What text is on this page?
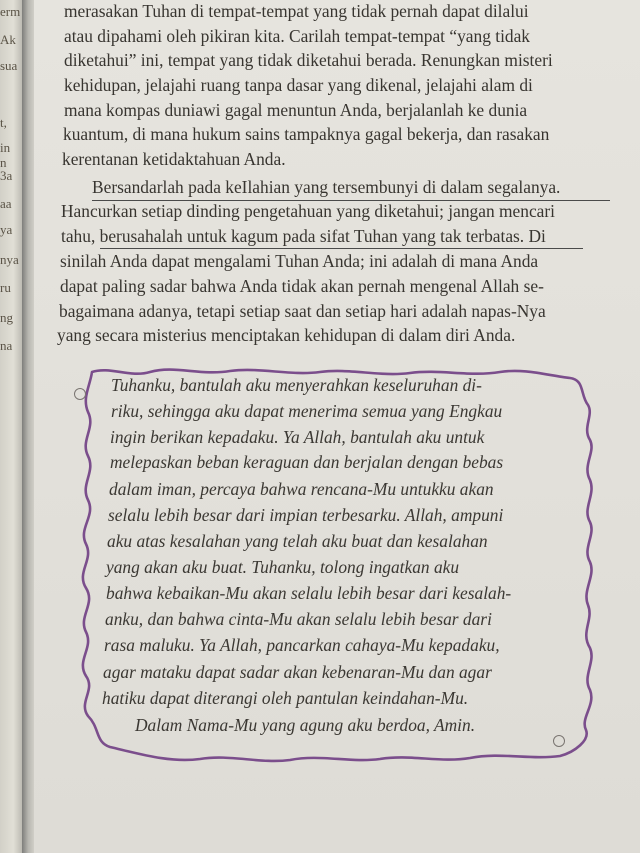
erm
Ak
sua
t,
in
n
3a
aa
ya
nya
ru
ng
na
merasakan Tuhan di tempat-tempat yang tidak pernah dapat dilalui
atau dipahami oleh pikiran kita. Carilah tempat-tempat “yang tidak
diketahui” ini, tempat yang tidak diketahui berada. Renungkan misteri
kehidupan, jelajahi ruang tanpa dasar yang dikenal, jelajahi alam di
mana kompas duniawi gagal menuntun Anda, berjalanlah ke dunia
kuantum, di mana hukum sains tampaknya gagal bekerja, dan rasakan
kerentanan ketidaktahuan Anda.
Bersandarlah pada keIlahian yang tersembunyi di dalam segalanya.
Hancurkan setiap dinding pengetahuan yang diketahui; jangan mencari
tahu, berusahalah untuk kagum pada sifat Tuhan yang tak terbatas. Di
sinilah Anda dapat mengalami Tuhan Anda; ini adalah di mana Anda
dapat paling sadar bahwa Anda tidak akan pernah mengenal Allah se-
bagaimana adanya, tetapi setiap saat dan setiap hari adalah napas-Nya
yang secara misterius menciptakan kehidupan di dalam diri Anda.
Tuhanku, bantulah aku menyerahkan keseluruhan di-
riku, sehingga aku dapat menerima semua yang Engkau
ingin berikan kepadaku. Ya Allah, bantulah aku untuk
melepaskan beban keraguan dan berjalan dengan bebas
dalam iman, percaya bahwa rencana-Mu untukku akan
selalu lebih besar dari impian terbesarku. Allah, ampuni
aku atas kesalahan yang telah aku buat dan kesalahan
yang akan aku buat. Tuhanku, tolong ingatkan aku
bahwa kebaikan-Mu akan selalu lebih besar dari kesalah-
anku, dan bahwa cinta-Mu akan selalu lebih besar dari
rasa maluku. Ya Allah, pancarkan cahaya-Mu kepadaku,
agar mataku dapat sadar akan kebenaran-Mu dan agar
hatiku dapat diterangi oleh pantulan keindahan-Mu.
Dalam Nama-Mu yang agung aku berdoa, Amin.
